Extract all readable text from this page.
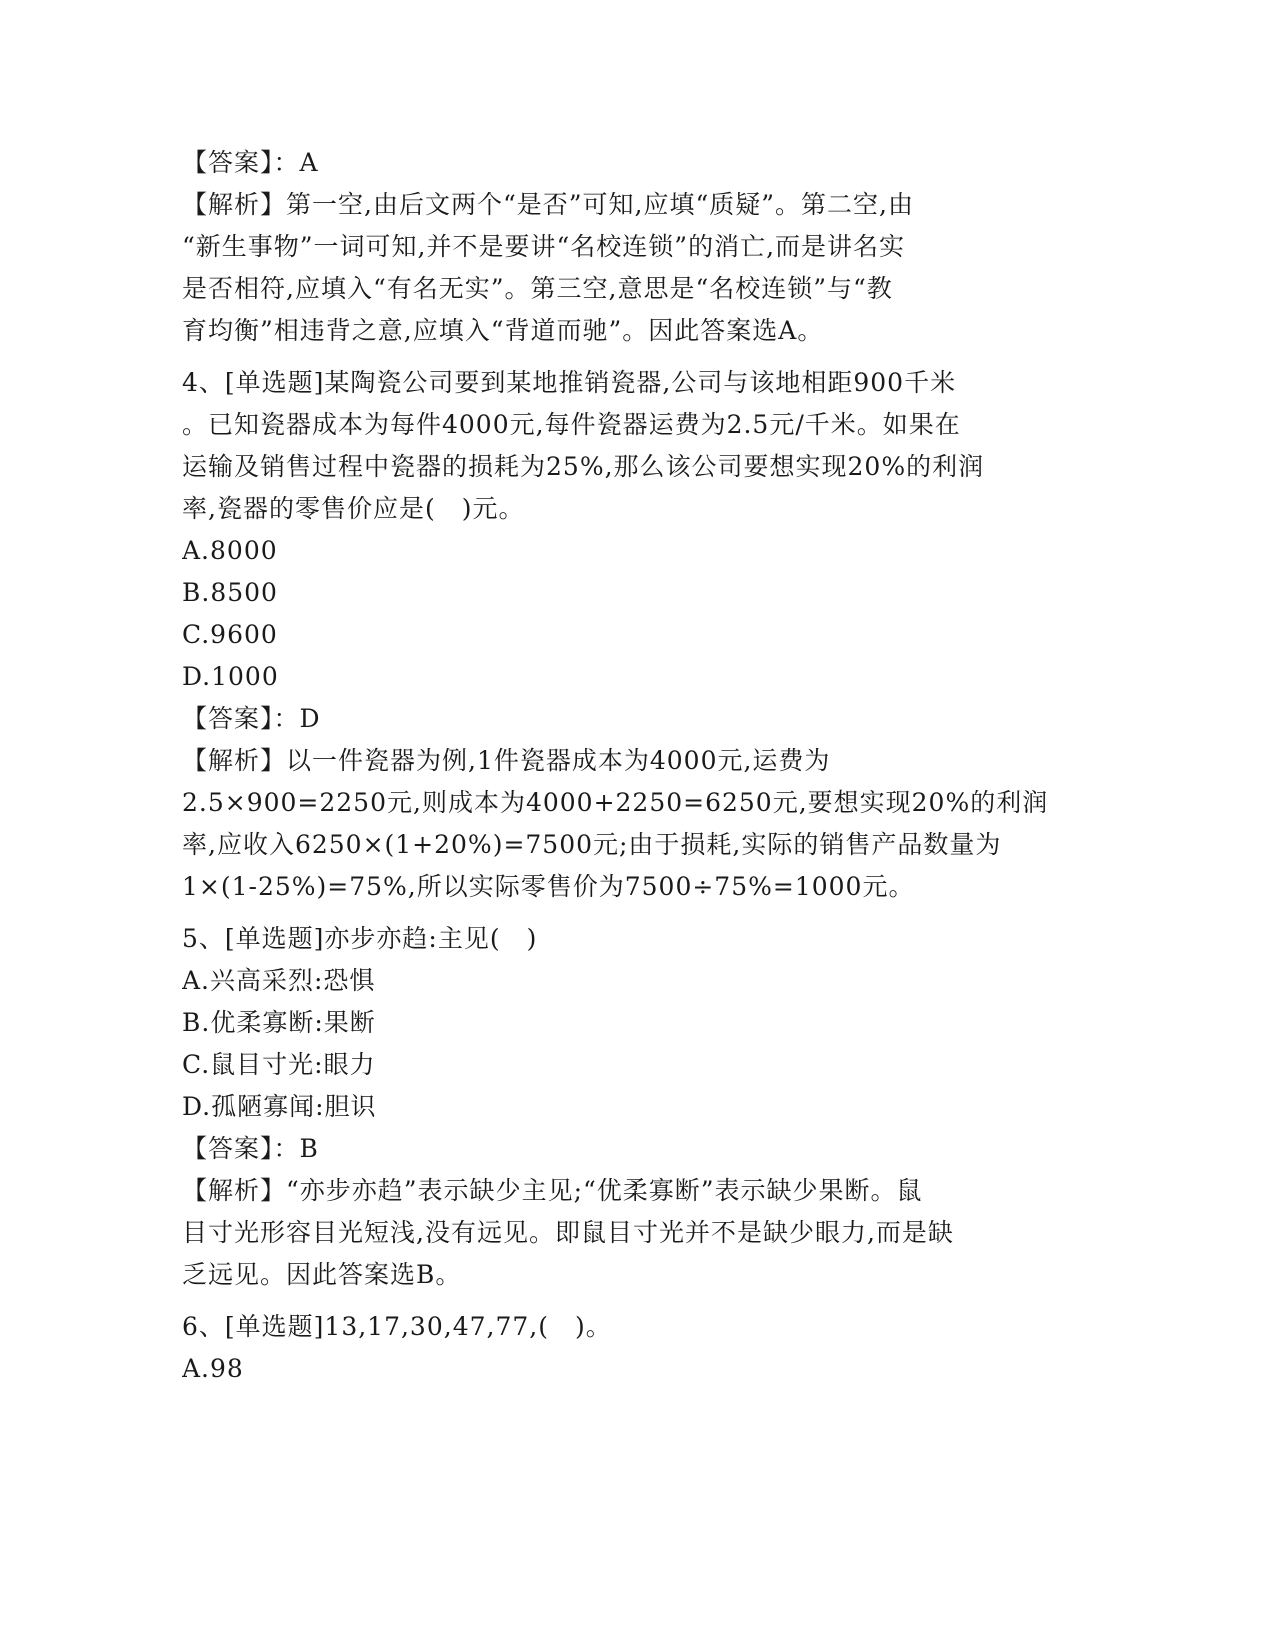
【答案】：A
【解析】第一空,由后文两个“是否”可知,应填“质疑”。第二空,由
“新生事物”一词可知,并不是要讲“名校连锁”的消亡,而是讲名实
是否相符,应填入“有名无实”。第三空,意思是“名校连锁”与“教
育均衡”相违背之意,应填入“背道而驰”。因此答案选A。
4、[单选题]某陶瓷公司要到某地推销瓷器,公司与该地相距900千米
。已知瓷器成本为每件4000元,每件瓷器运费为2.5元/千米。如果在
运输及销售过程中瓷器的损耗为25%,那么该公司要想实现20%的利润
率,瓷器的零售价应是(　)元。
A.8000
B.8500
C.9600
D.1000
【答案】：D
【解析】以一件瓷器为例,1件瓷器成本为4000元,运费为
2.5×900=2250元,则成本为4000+2250=6250元,要想实现20%的利润
率,应收入6250×(1+20%)=7500元;由于损耗,实际的销售产品数量为
1×(1-25%)=75%,所以实际零售价为7500÷75%=1000元。
5、[单选题]亦步亦趋:主见(　)
A.兴高采烈:恐惧
B.优柔寡断:果断
C.鼠目寸光:眼力
D.孤陋寡闻:胆识
【答案】：B
【解析】“亦步亦趋”表示缺少主见;“优柔寡断”表示缺少果断。鼠
目寸光形容目光短浅,没有远见。即鼠目寸光并不是缺少眼力,而是缺
乏远见。因此答案选B。
6、[单选题]13,17,30,47,77,(　)。
A.98
